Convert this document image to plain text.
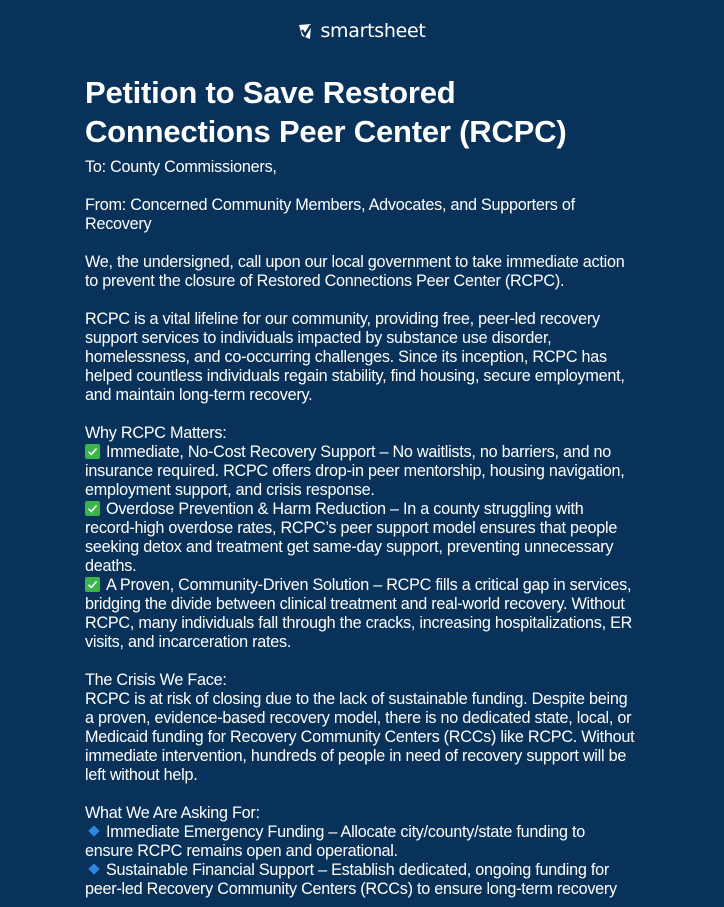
smartsheet
Petition to Save Restored Connections Peer Center (RCPC)

To: County Commissioners,

From: Concerned Community Members, Advocates, and Supporters of Recovery

We, the undersigned, call upon our local government to take immediate action to prevent the closure of Restored Connections Peer Center (RCPC).

RCPC is a vital lifeline for our community, providing free, peer-led recovery support services to individuals impacted by substance use disorder, homelessness, and co-occurring challenges. Since its inception, RCPC has helped countless individuals regain stability, find housing, secure employment, and maintain long-term recovery.

Why RCPC Matters:
Immediate, No-Cost Recovery Support – No waitlists, no barriers, and no insurance required. RCPC offers drop-in peer mentorship, housing navigation, employment support, and crisis response.
Overdose Prevention & Harm Reduction – In a county struggling with record-high overdose rates, RCPC’s peer support model ensures that people seeking detox and treatment get same-day support, preventing unnecessary deaths.
A Proven, Community-Driven Solution – RCPC fills a critical gap in services, bridging the divide between clinical treatment and real-world recovery. Without RCPC, many individuals fall through the cracks, increasing hospitalizations, ER visits, and incarceration rates.
The Crisis We Face:
RCPC is at risk of closing due to the lack of sustainable funding. Despite being a proven, evidence-based recovery model, there is no dedicated state, local, or Medicaid funding for Recovery Community Centers (RCCs) like RCPC. Without immediate intervention, hundreds of people in need of recovery support will be left without help.
What We Are Asking For:
Immediate Emergency Funding – Allocate city/county/state funding to ensure RCPC remains open and operational.
Sustainable Financial Support – Establish dedicated, ongoing funding for peer-led Recovery Community Centers (RCCs) to ensure long-term recovery
